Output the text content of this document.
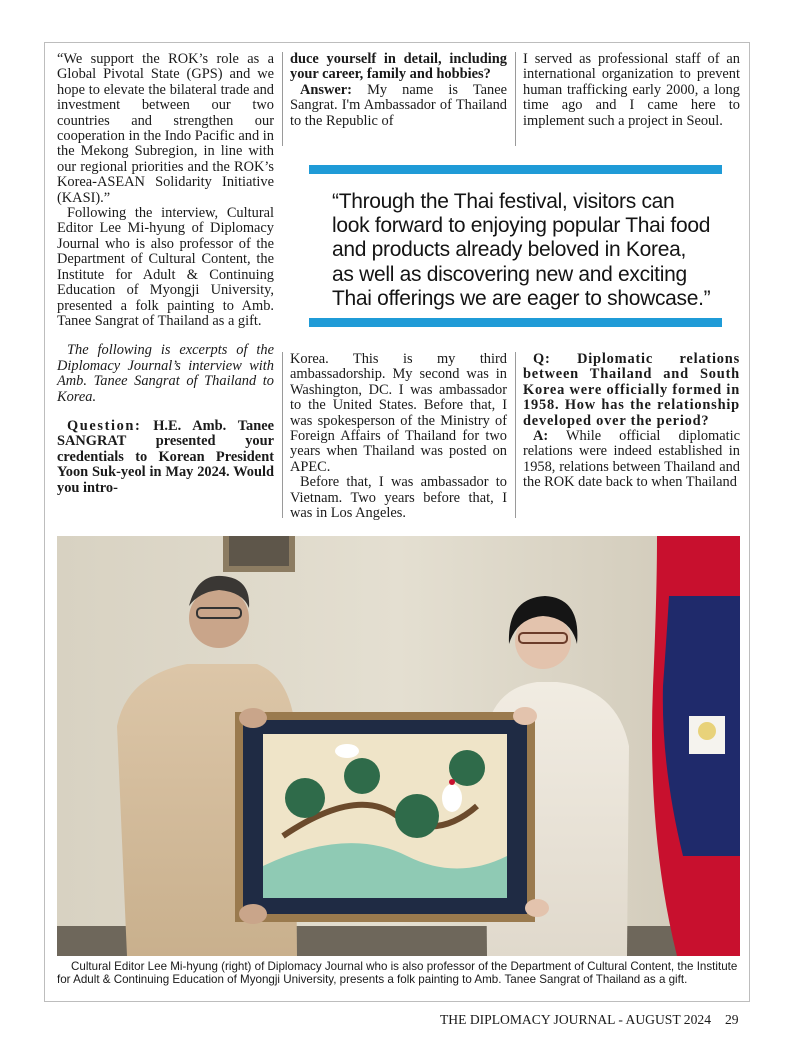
“We support the ROK’s role as a Global Pivotal State (GPS) and we hope to elevate the bilateral trade and investment between our two countries and strengthen our cooperation in the Indo Pacific and in the Mekong Subregion, in line with our regional priorities and the ROK’s Korea-ASEAN Solidarity Initiative (KASI).”

Following the interview, Cultural Editor Lee Mi-hyung of Diplomacy Journal who is also professor of the Department of Cultural Content, the Institute for Adult & Continuing Education of Myongji University, presented a folk painting to Amb. Tanee Sangrat of Thailand as a gift.

The following is excerpts of the Diplomacy Journal’s interview with Amb. Tanee Sangrat of Thailand to Korea.

Question: H.E. Amb. Tanee SANGRAT presented your credentials to Korean President Yoon Suk-yeol in May 2024. Would you intro-

duce yourself in detail, including your career, family and hobbies?

Answer: My name is Tanee Sangrat. I'm Ambassador of Thailand to the Republic of

I served as professional staff of an international organization to prevent human trafficking early 2000, a long time ago and I came here to implement such a project in Seoul.

“Through the Thai festival, visitors can look forward to enjoying popular Thai food and products already beloved in Korea, as well as discovering new and exciting Thai offerings we are eager to showcase.”

Korea. This is my third ambassadorship. My second was in Washington, DC. I was ambassador to the United States. Before that, I was spokesperson of the Ministry of Foreign Affairs of Thailand for two years when Thailand was posted on APEC.

Before that, I was ambassador to Vietnam. Two years before that, I was in Los Angeles.

Q: Diplomatic relations between Thailand and South Korea were officially formed in 1958. How has the relationship developed over the period?

A: While official diplomatic relations were indeed established in 1958, relations between Thailand and the ROK date back to when Thailand

Cultural Editor Lee Mi-hyung (right) of Diplomacy Journal who is also professor of the Department of Cultural Content, the Institute for Adult & Continuing Education of Myongji University, presents a folk painting to Amb. Tanee Sangrat of Thailand as a gift.
THE DIPLOMACY JOURNAL - AUGUST 2024 29
